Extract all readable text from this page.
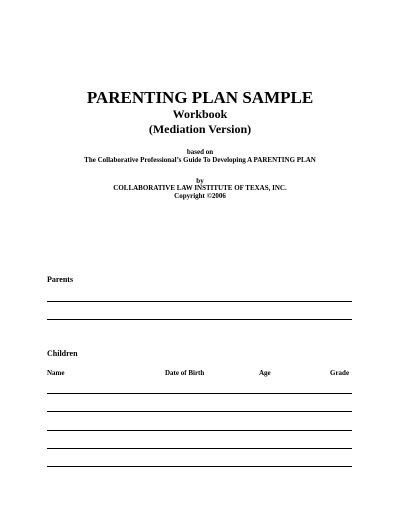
PARENTING PLAN SAMPLE
Workbook
(Mediation Version)
based on
The Collaborative Professional’s Guide To Developing A PARENTING PLAN
by
COLLABORATIVE LAW INSTITUTE OF TEXAS, INC.
Copyright ©2006
Parents
Children
Name	Date of Birth	Age	Grade
